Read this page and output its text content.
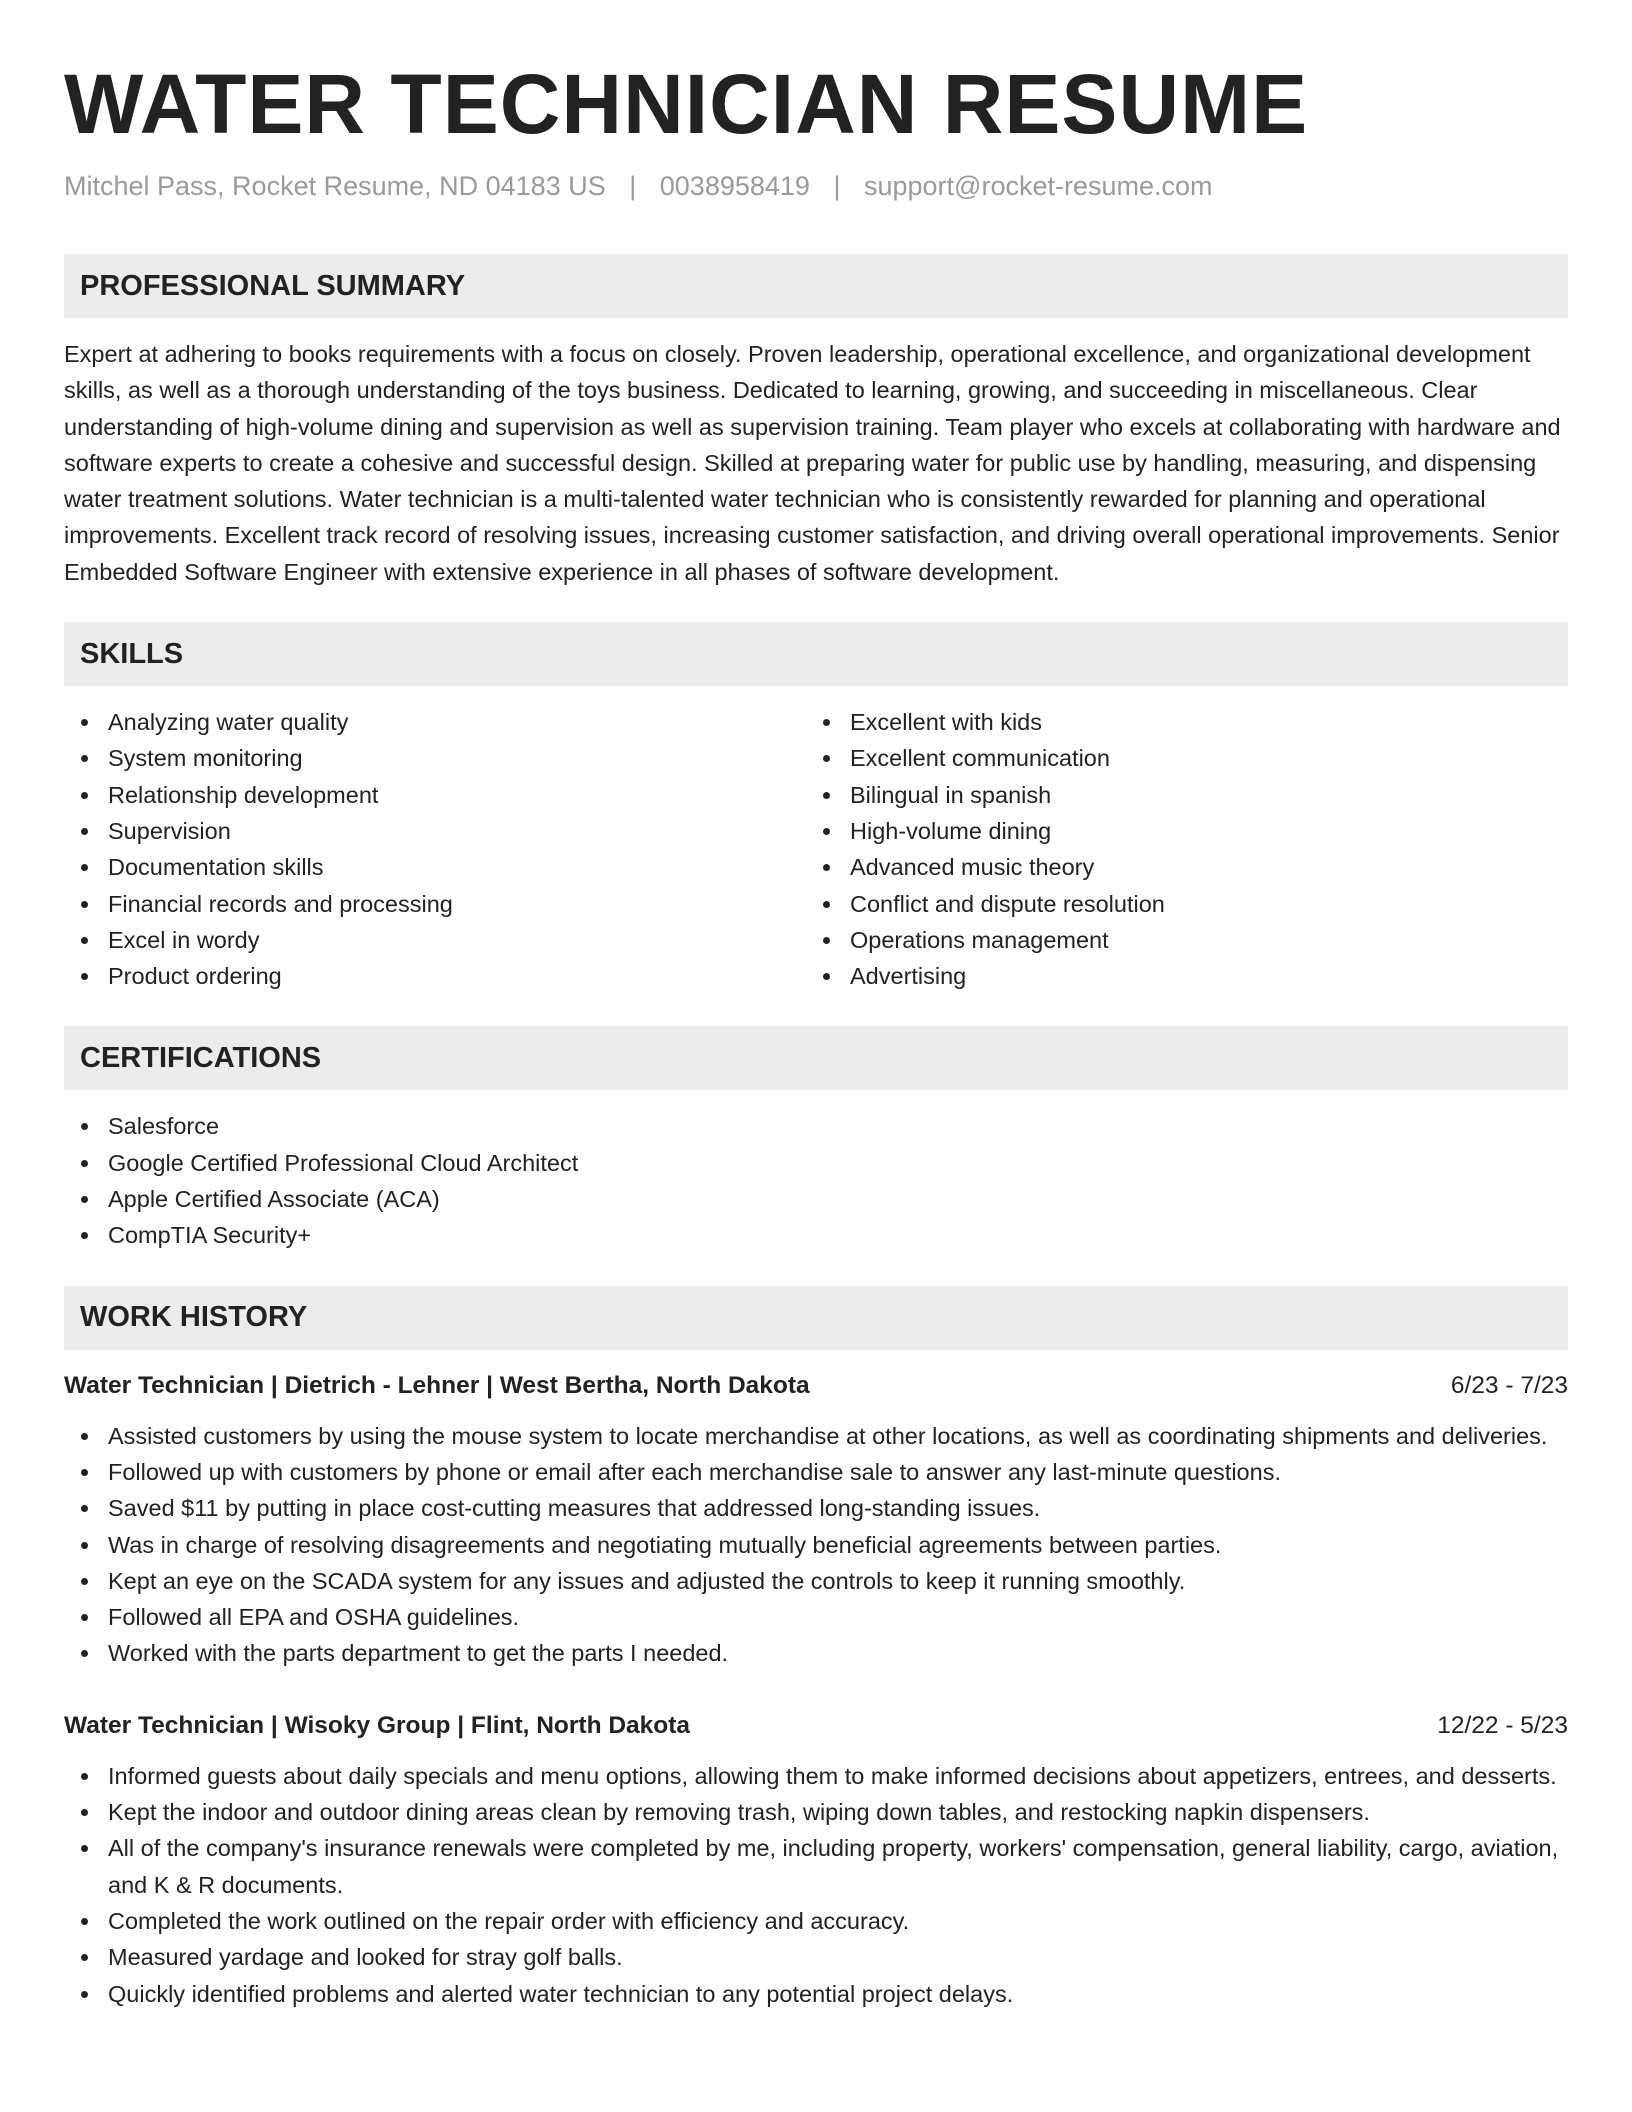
WATER TECHNICIAN RESUME
Mitchel Pass, Rocket Resume, ND 04183 US | 0038958419 | support@rocket-resume.com
PROFESSIONAL SUMMARY

Expert at adhering to books requirements with a focus on closely. Proven leadership, operational excellence, and organizational development skills, as well as a thorough understanding of the toys business. Dedicated to learning, growing, and succeeding in miscellaneous. Clear understanding of high-volume dining and supervision as well as supervision training. Team player who excels at collaborating with hardware and software experts to create a cohesive and successful design. Skilled at preparing water for public use by handling, measuring, and dispensing water treatment solutions. Water technician is a multi-talented water technician who is consistently rewarded for planning and operational improvements. Excellent track record of resolving issues, increasing customer satisfaction, and driving overall operational improvements. Senior Embedded Software Engineer with extensive experience in all phases of software development.

SKILLS
Analyzing water quality
System monitoring
Relationship development
Supervision
Documentation skills
Financial records and processing
Excel in wordy
Product ordering
Excellent with kids
Excellent communication
Bilingual in spanish
High-volume dining
Advanced music theory
Conflict and dispute resolution
Operations management
Advertising
CERTIFICATIONS
Salesforce
Google Certified Professional Cloud Architect
Apple Certified Associate (ACA)
CompTIA Security+
WORK HISTORY
Water Technician | Dietrich - Lehner | West Bertha, North Dakota	6/23 - 7/23
Assisted customers by using the mouse system to locate merchandise at other locations, as well as coordinating shipments and deliveries.
Followed up with customers by phone or email after each merchandise sale to answer any last-minute questions.
Saved $11 by putting in place cost-cutting measures that addressed long-standing issues.
Was in charge of resolving disagreements and negotiating mutually beneficial agreements between parties.
Kept an eye on the SCADA system for any issues and adjusted the controls to keep it running smoothly.
Followed all EPA and OSHA guidelines.
Worked with the parts department to get the parts I needed.
Water Technician | Wisoky Group | Flint, North Dakota	12/22 - 5/23
Informed guests about daily specials and menu options, allowing them to make informed decisions about appetizers, entrees, and desserts.
Kept the indoor and outdoor dining areas clean by removing trash, wiping down tables, and restocking napkin dispensers.
All of the company's insurance renewals were completed by me, including property, workers' compensation, general liability, cargo, aviation, and K & R documents.
Completed the work outlined on the repair order with efficiency and accuracy.
Measured yardage and looked for stray golf balls.
Quickly identified problems and alerted water technician to any potential project delays.
